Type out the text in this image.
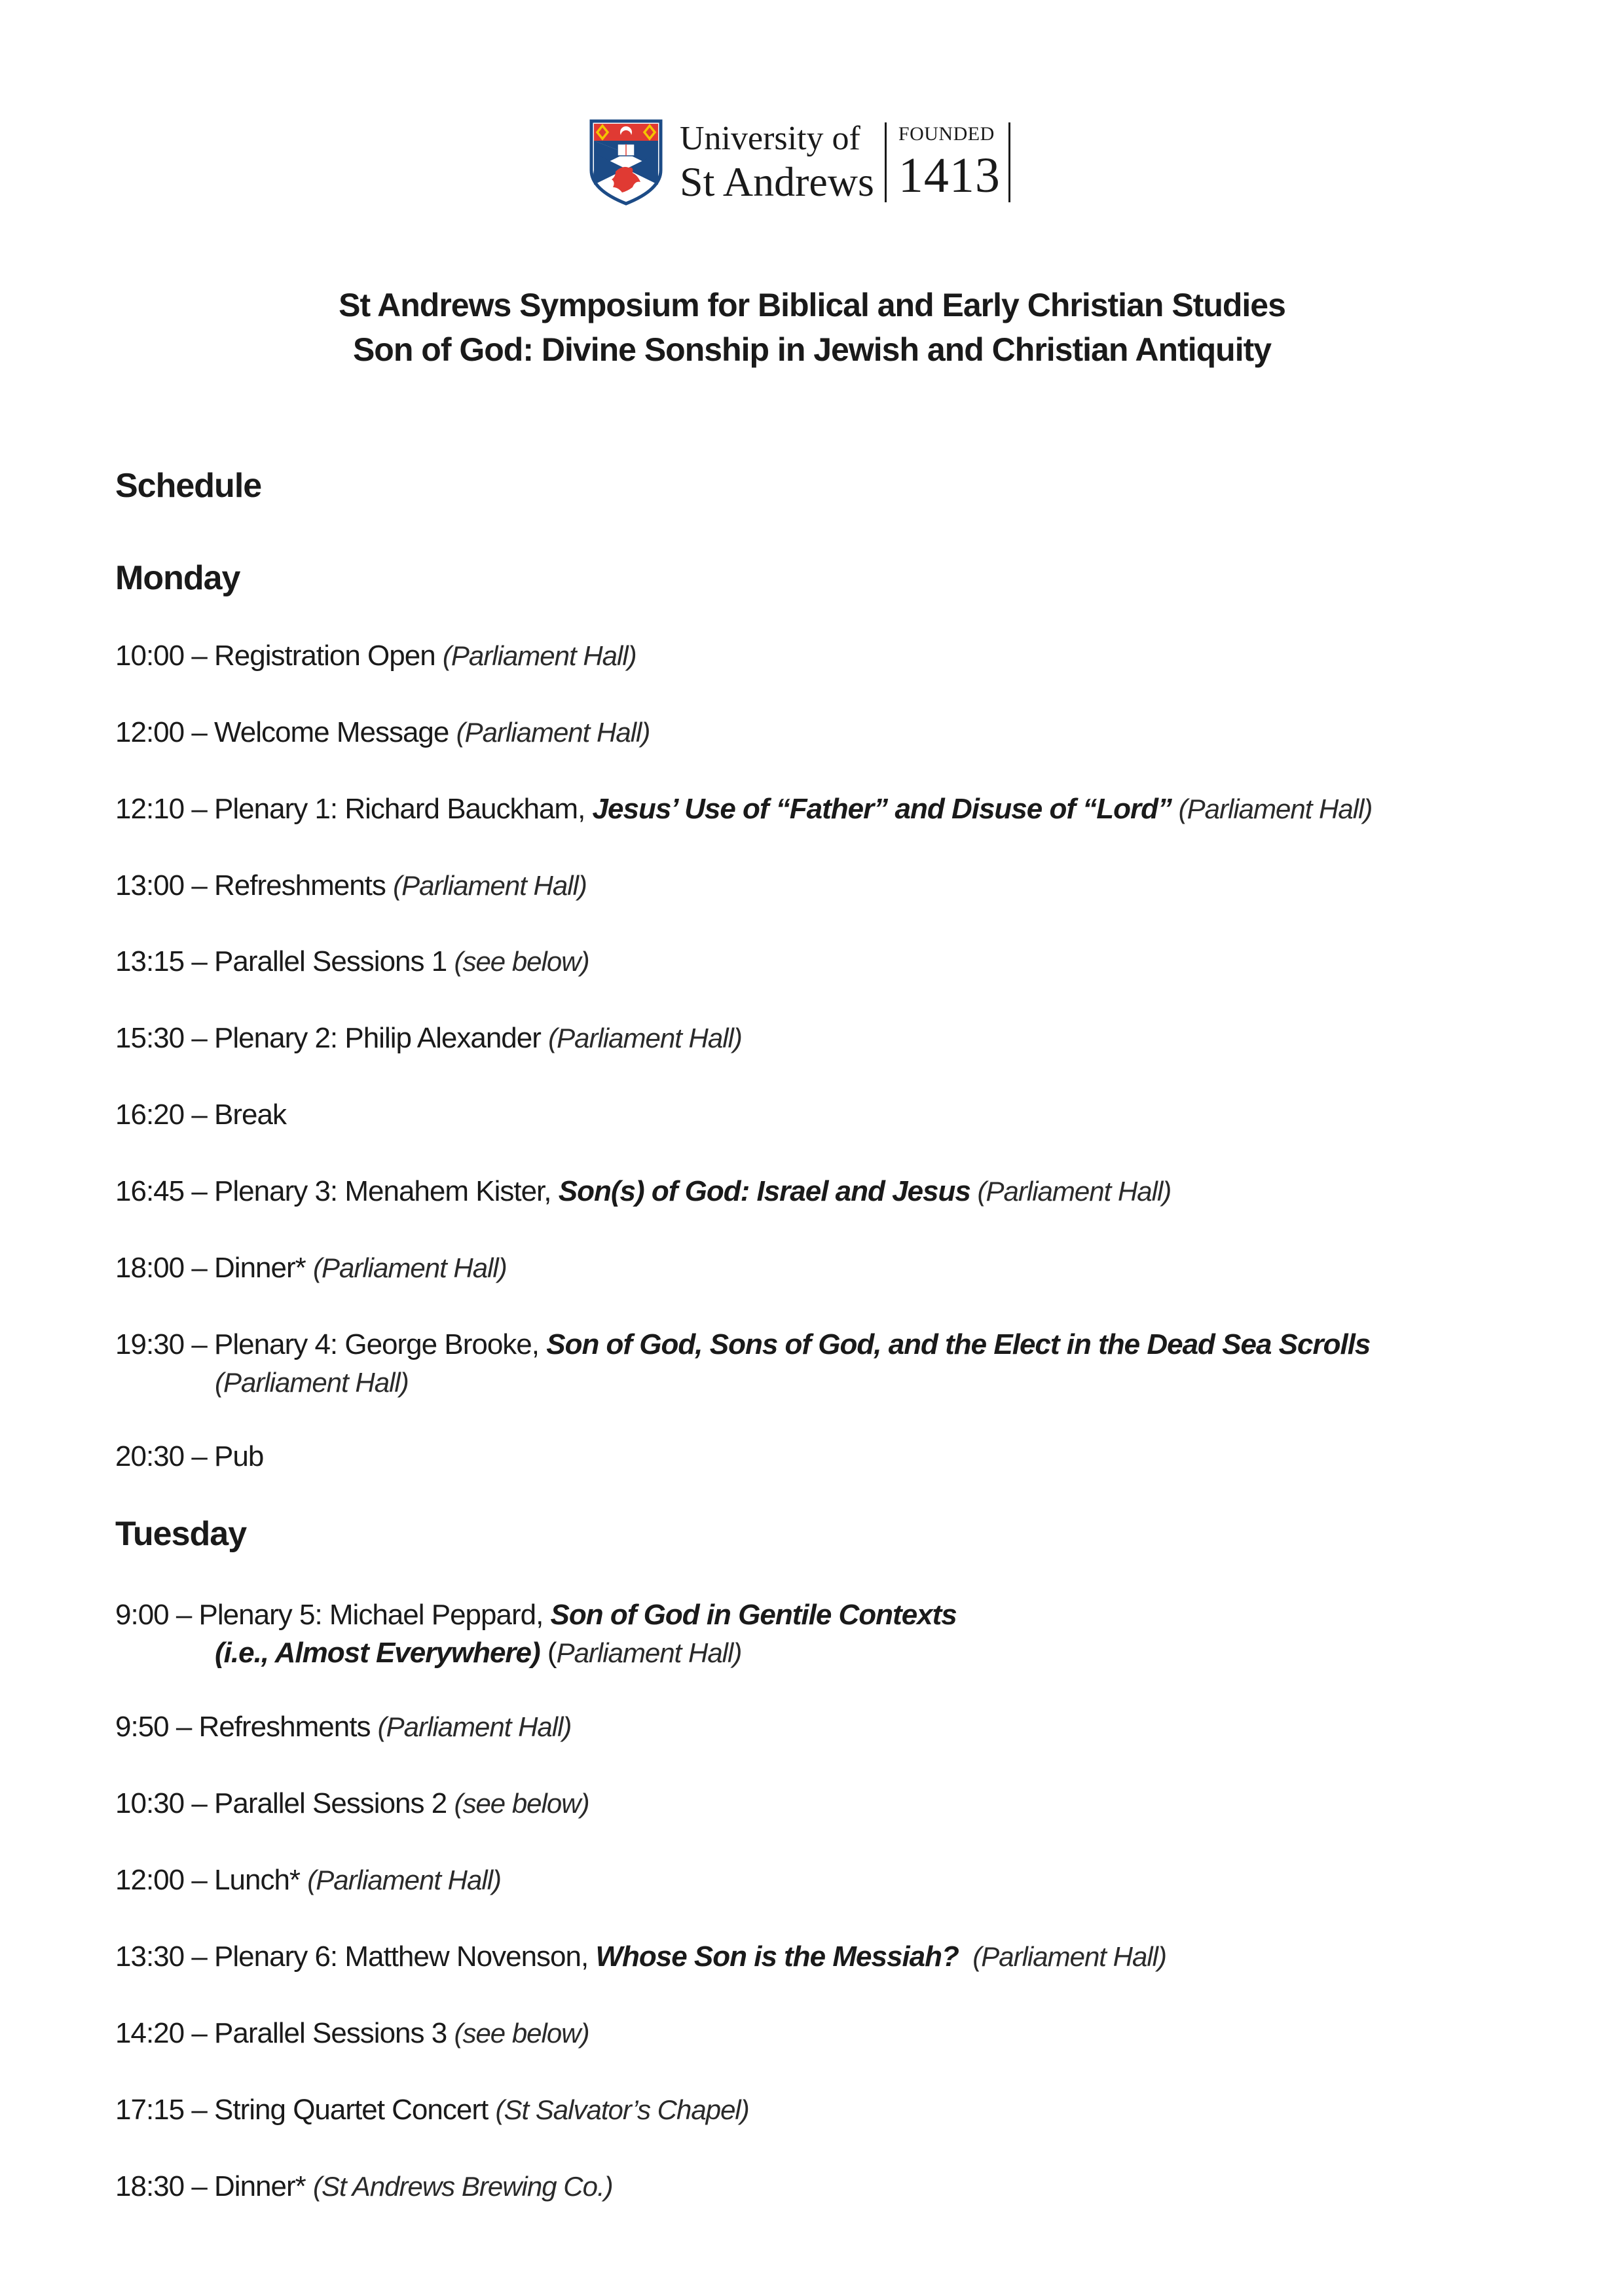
University of
St Andrews
FOUNDED
1413
St Andrews Symposium for Biblical and Early Christian Studies
Son of God: Divine Sonship in Jewish and Christian Antiquity
Schedule
Monday
10:00 – Registration Open (Parliament Hall)
12:00 – Welcome Message (Parliament Hall)
12:10 – Plenary 1: Richard Bauckham, Jesus’ Use of “Father” and Disuse of “Lord” (Parliament Hall)
13:00 – Refreshments (Parliament Hall)
13:15 – Parallel Sessions 1 (see below)
15:30 – Plenary 2: Philip Alexander (Parliament Hall)
16:20 – Break
16:45 – Plenary 3: Menahem Kister, Son(s) of God: Israel and Jesus (Parliament Hall)
18:00 – Dinner* (Parliament Hall)
19:30 – Plenary 4: George Brooke, Son of God, Sons of God, and the Elect in the Dead Sea Scrolls
(Parliament Hall)
20:30 – Pub
Tuesday
9:00 – Plenary 5: Michael Peppard, Son of God in Gentile Contexts
(i.e., Almost Everywhere) (Parliament Hall)
9:50 – Refreshments (Parliament Hall)
10:30 – Parallel Sessions 2 (see below)
12:00 – Lunch* (Parliament Hall)
13:30 – Plenary 6: Matthew Novenson, Whose Son is the Messiah?  (Parliament Hall)
14:20 – Parallel Sessions 3 (see below)
17:15 – String Quartet Concert (St Salvator’s Chapel)
18:30 – Dinner* (St Andrews Brewing Co.)
